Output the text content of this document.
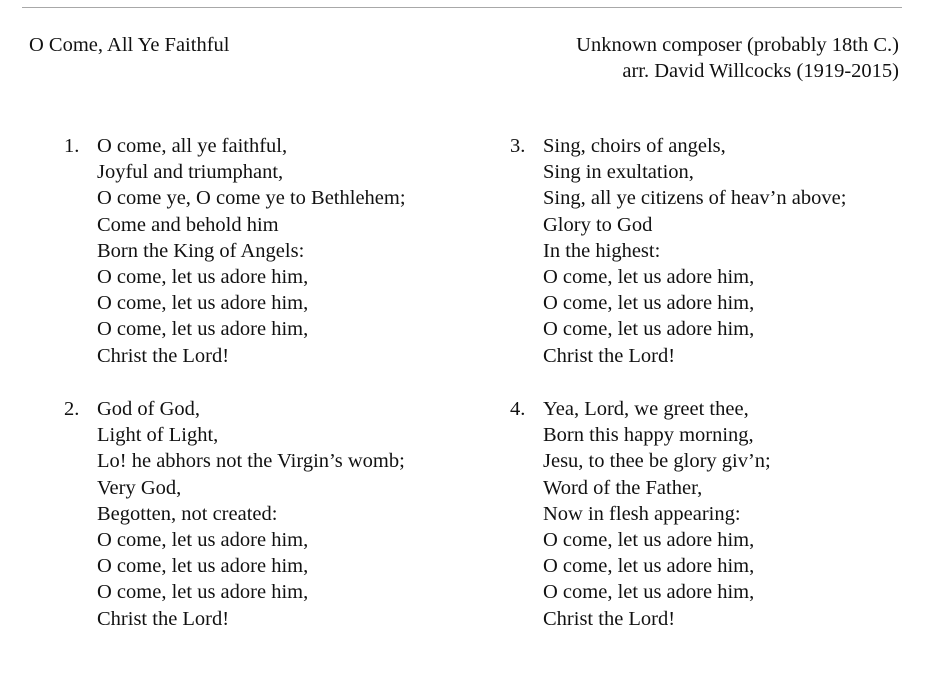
O Come, All Ye Faithful	Unknown composer (probably 18th C.)
arr. David Willcocks (1919-2015)
1. O come, all ye faithful,
Joyful and triumphant,
O come ye, O come ye to Bethlehem;
Come and behold him
Born the King of Angels:
O come, let us adore him,
O come, let us adore him,
O come, let us adore him,
Christ the Lord!
2. God of God,
Light of Light,
Lo! he abhors not the Virgin’s womb;
Very God,
Begotten, not created:
O come, let us adore him,
O come, let us adore him,
O come, let us adore him,
Christ the Lord!
3. Sing, choirs of angels,
Sing in exultation,
Sing, all ye citizens of heav’n above;
Glory to God
In the highest:
O come, let us adore him,
O come, let us adore him,
O come, let us adore him,
Christ the Lord!
4. Yea, Lord, we greet thee,
Born this happy morning,
Jesu, to thee be glory giv’n;
Word of the Father,
Now in flesh appearing:
O come, let us adore him,
O come, let us adore him,
O come, let us adore him,
Christ the Lord!
